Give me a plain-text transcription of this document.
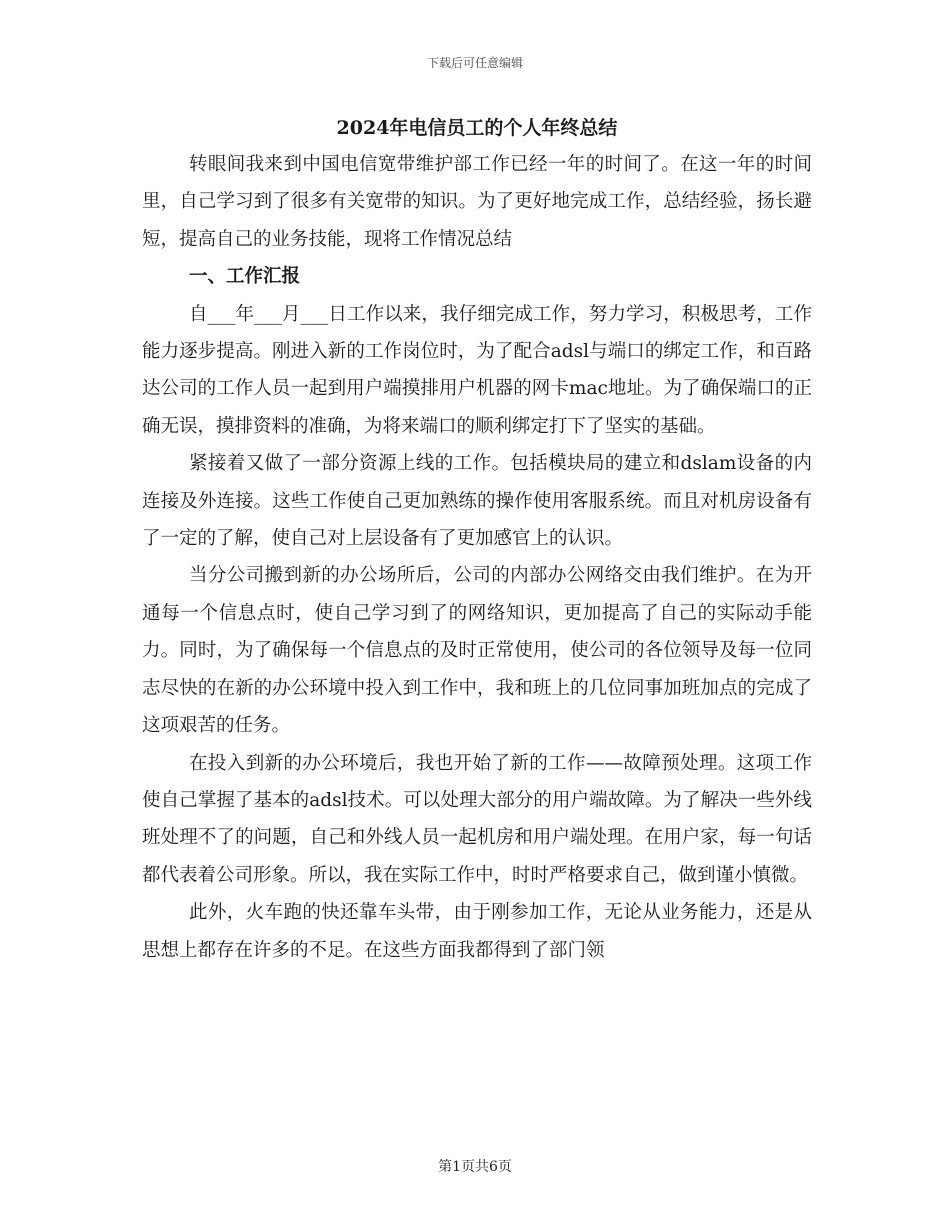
下载后可任意编辑
2024年电信员工的个人年终总结

转眼间我来到中国电信宽带维护部工作已经一年的时间了。在这一年的时间里，自己学习到了很多有关宽带的知识。为了更好地完成工作，总结经验，扬长避短，提高自己的业务技能，现将工作情况总结

一、工作汇报

自___年___月___日工作以来，我仔细完成工作，努力学习，积极思考，工作能力逐步提高。刚进入新的工作岗位时，为了配合adsl与端口的绑定工作，和百路达公司的工作人员一起到用户端摸排用户机器的网卡mac地址。为了确保端口的正确无误，摸排资料的准确，为将来端口的顺利绑定打下了坚实的基础。

紧接着又做了一部分资源上线的工作。包括模块局的建立和dslam设备的内连接及外连接。这些工作使自己更加熟练的操作使用客服系统。而且对机房设备有了一定的了解，使自己对上层设备有了更加感官上的认识。

当分公司搬到新的办公场所后，公司的内部办公网络交由我们维护。在为开通每一个信息点时，使自己学习到了的网络知识，更加提高了自己的实际动手能力。同时，为了确保每一个信息点的及时正常使用，使公司的各位领导及每一位同志尽快的在新的办公环境中投入到工作中，我和班上的几位同事加班加点的完成了这项艰苦的任务。

在投入到新的办公环境后，我也开始了新的工作——故障预处理。这项工作使自己掌握了基本的adsl技术。可以处理大部分的用户端故障。为了解决一些外线班处理不了的问题，自己和外线人员一起机房和用户端处理。在用户家，每一句话都代表着公司形象。所以，我在实际工作中，时时严格要求自己，做到谨小慎微。

此外，火车跑的快还靠车头带，由于刚参加工作，无论从业务能力，还是从思想上都存在许多的不足。在这些方面我都得到了部门领

第1页共6页
